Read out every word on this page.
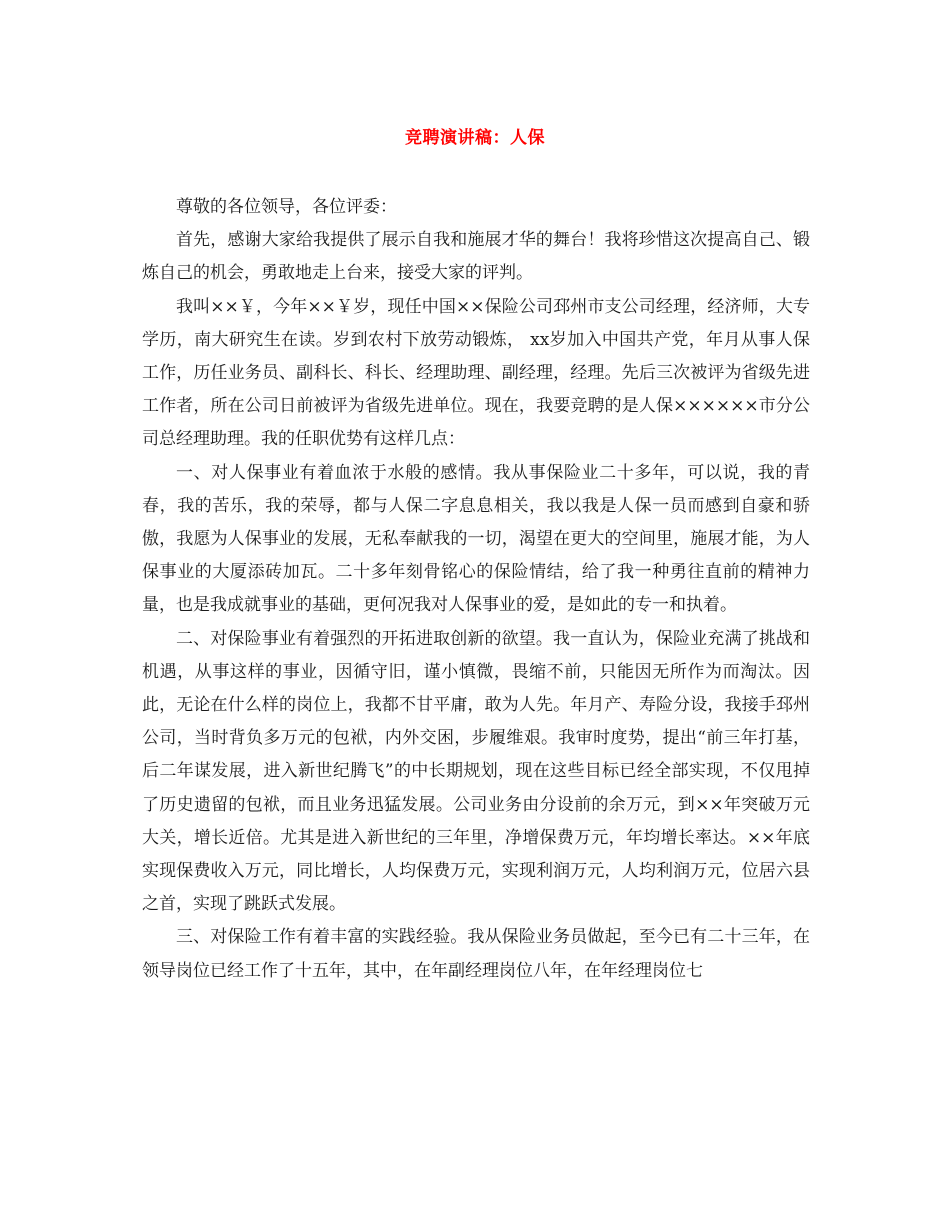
竞聘演讲稿：人保

尊敬的各位领导，各位评委：

首先，感谢大家给我提供了展示自我和施展才华的舞台！我将珍惜这次提高自己、锻炼自己的机会，勇敢地走上台来，接受大家的评判。

我叫××￥，今年××￥岁，现任中国××保险公司邳州市支公司经理，经济师，大专学历，南大研究生在读。岁到农村下放劳动锻炼， xx岁加入中国共产党，年月从事人保工作，历任业务员、副科长、科长、经理助理、副经理，经理。先后三次被评为省级先进工作者，所在公司日前被评为省级先进单位。现在，我要竞聘的是人保××××××市分公司总经理助理。我的任职优势有这样几点：

一、对人保事业有着血浓于水般的感情。我从事保险业二十多年，可以说，我的青春，我的苦乐，我的荣辱，都与人保二字息息相关，我以我是人保一员而感到自豪和骄傲，我愿为人保事业的发展，无私奉献我的一切，渴望在更大的空间里，施展才能，为人保事业的大厦添砖加瓦。二十多年刻骨铭心的保险情结，给了我一种勇往直前的精神力量，也是我成就事业的基础，更何况我对人保事业的爱，是如此的专一和执着。

二、对保险事业有着强烈的开拓进取创新的欲望。我一直认为，保险业充满了挑战和机遇，从事这样的事业，因循守旧，谨小慎微，畏缩不前，只能因无所作为而淘汰。因此，无论在什么样的岗位上，我都不甘平庸，敢为人先。年月产、寿险分设，我接手邳州公司，当时背负多万元的包袱，内外交困，步履维艰。我审时度势，提出“前三年打基，后二年谋发展，进入新世纪腾飞”的中长期规划，现在这些目标已经全部实现，不仅甩掉了历史遗留的包袱，而且业务迅猛发展。公司业务由分设前的余万元，到××年突破万元大关，增长近倍。尤其是进入新世纪的三年里，净增保费万元，年均增长率达。××年底实现保费收入万元，同比增长，人均保费万元，实现利润万元，人均利润万元，位居六县之首，实现了跳跃式发展。

三、对保险工作有着丰富的实践经验。我从保险业务员做起，至今已有二十三年，在领导岗位已经工作了十五年，其中，在年副经理岗位八年，在年经理岗位七
